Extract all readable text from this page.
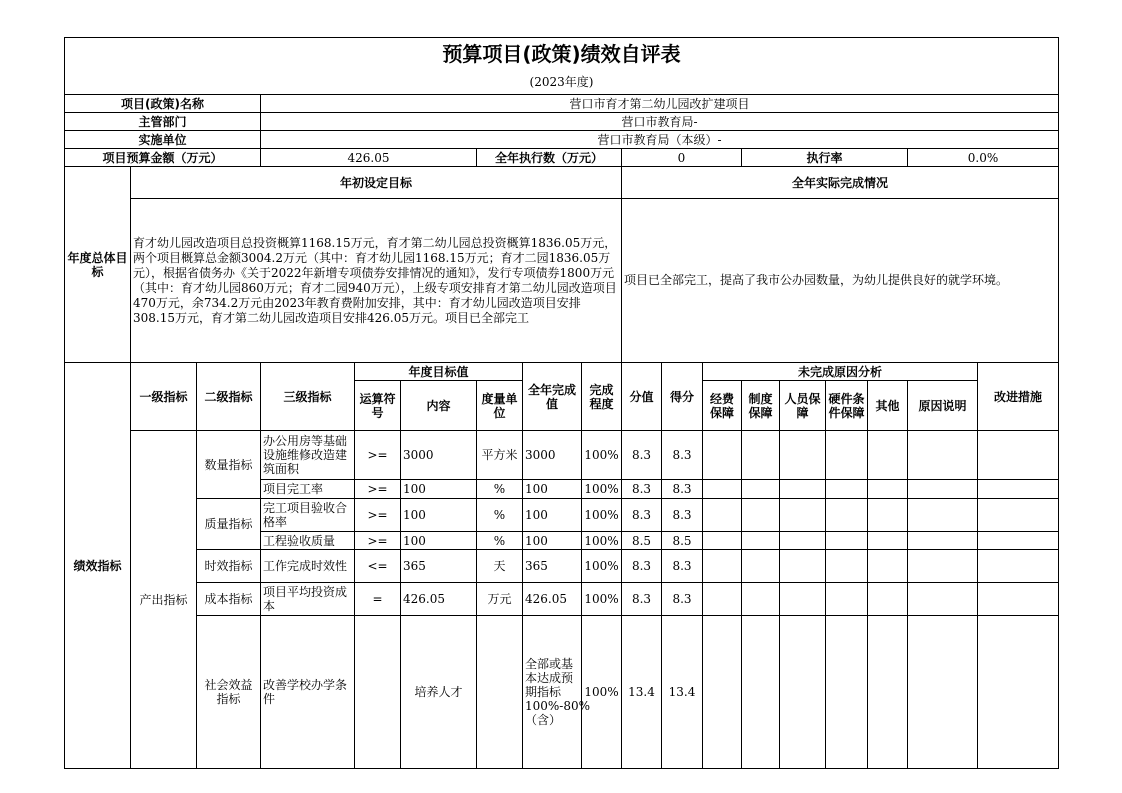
预算项目(政策)绩效自评表																		
(2023年度)																		
项目(政策)名称			营口市育才第二幼儿园改扩建项目															
主管部门			营口市教育局-															
实施单位			营口市教育局（本级）-															
项目预算金额（万元）			426.05			全年执行数（万元）			0			执行率				0.0%		
年度总体目标	年初设定目标								全年实际完成情况									
	育才幼儿园改造项目总投资概算1168.15万元，育才第二幼儿园总投资概算1836.05万元，两个项目概算总金额3004.2万元（其中：育才幼儿园1168.15万元；育才二园1836.05万元），根据省债务办《关于2022年新增专项债券安排情况的通知》，发行专项债券1800万元（其中：育才幼儿园860万元；育才二园940万元），上级专项安排育才第二幼儿园改造项目470万元，余734.2万元由2023年教育费附加安排，其中：育才幼儿园改造项目安排308.15万元，育才第二幼儿园改造项目安排426.05万元。项目已全部完工								项目已全部完工，提高了我市公办园数量，为幼儿提供良好的就学环境。									
绩效指标	一级指标	二级指标	三级指标	年度目标值			全年完成值	完成程度	分值	得分	未完成原因分析						改进措施	
				运算符号	内容	度量单位					经费保障	制度保障	人员保障	硬件条件保障	其他	原因说明		
	产出指标	数量指标	办公用房等基础设施维修改造建筑面积	>=	3000	平方米	3000	100%	8.3	8.3								
			项目完工率	>=	100	%	100	100%	8.3	8.3								
		质量指标	完工项目验收合格率	>=	100	%	100	100%	8.3	8.3								
			工程验收质量	>=	100	%	100	100%	8.5	8.5								
		时效指标	工作完成时效性	<=	365	天	365	100%	8.3	8.3								
		成本指标	项目平均投资成本	=	426.05	万元	426.05	100%	8.3	8.3								
		社会效益指标	改善学校办学条件		培养人才		全部或基本达成预期指标100%-80%（含）	100%	13.4	13.4								
